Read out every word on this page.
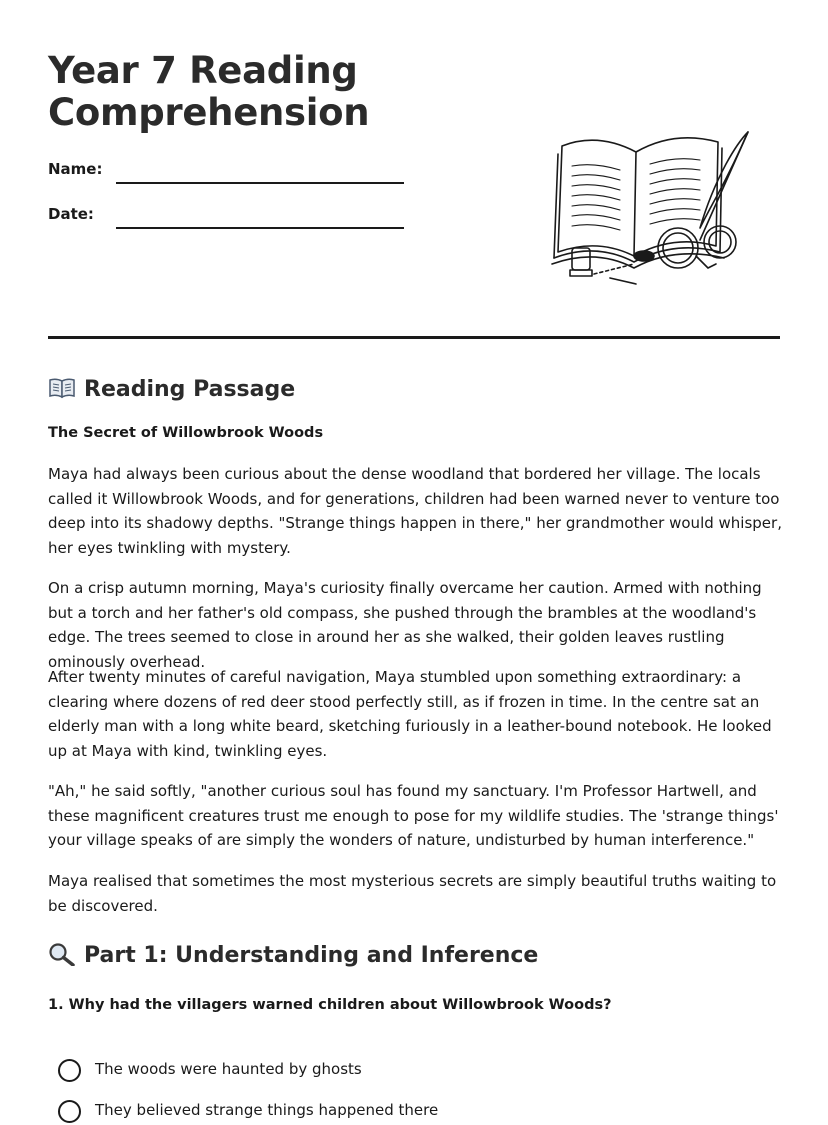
Year 7 Reading
Comprehension
Name:
Date:
Reading Passage
The Secret of Willowbrook Woods

Maya had always been curious about the dense woodland that bordered her village. The locals called it Willowbrook Woods, and for generations, children had been warned never to venture too deep into its shadowy depths. "Strange things happen in there," her grandmother would whisper, her eyes twinkling with mystery.

On a crisp autumn morning, Maya's curiosity finally overcame her caution. Armed with nothing but a torch and her father's old compass, she pushed through the brambles at the woodland's edge. The trees seemed to close in around her as she walked, their golden leaves rustling ominously overhead.

After twenty minutes of careful navigation, Maya stumbled upon something extraordinary: a clearing where dozens of red deer stood perfectly still, as if frozen in time. In the centre sat an elderly man with a long white beard, sketching furiously in a leather-bound notebook. He looked up at Maya with kind, twinkling eyes.

"Ah," he said softly, "another curious soul has found my sanctuary. I'm Professor Hartwell, and these magnificent creatures trust me enough to pose for my wildlife studies. The 'strange things' your village speaks of are simply the wonders of nature, undisturbed by human interference."

Maya realised that sometimes the most mysterious secrets are simply beautiful truths waiting to be discovered.

Part 1: Understanding and Inference
1. Why had the villagers warned children about Willowbrook Woods?
The woods were haunted by ghosts
They believed strange things happened there
